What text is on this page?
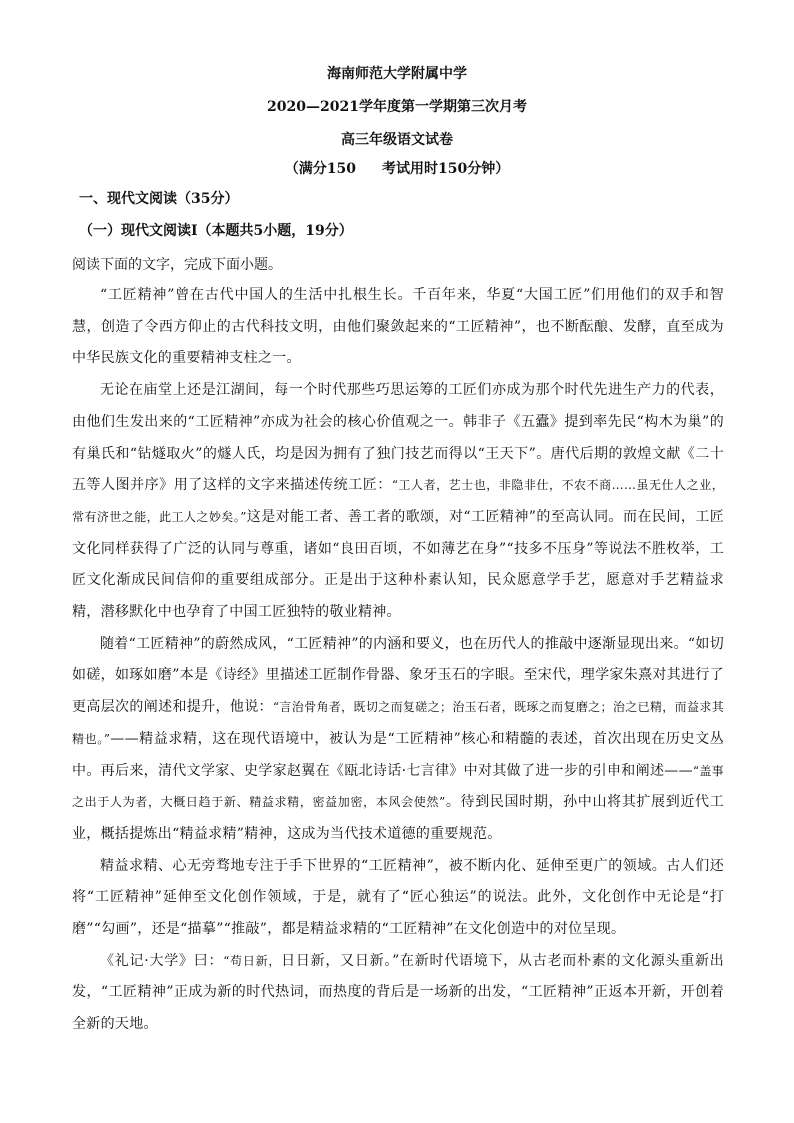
海南师范大学附属中学
2020—2021学年度第一学期第三次月考
高三年级语文试卷
（满分150 考试用时150分钟）
一、现代文阅读（35分）
（一）现代文阅读Ⅰ（本题共5小题，19分）
阅读下面的文字，完成下面小题。

“工匠精神”曾在古代中国人的生活中扎根生长。千百年来，华夏“大国工匠”们用他们的双手和智慧，创造了令西方仰止的古代科技文明，由他们聚敛起来的“工匠精神”，也不断酝酿、发酵，直至成为中华民族文化的重要精神支柱之一。

无论在庙堂上还是江湖间，每一个时代那些巧思运筹的工匠们亦成为那个时代先进生产力的代表，由他们生发出来的“工匠精神”亦成为社会的核心价值观之一。韩非子《五蠹》提到率先民“构木为巢”的有巢氏和“钻燧取火”的燧人氏，均是因为拥有了独门技艺而得以“王天下”。唐代后期的敦煌文献《二十五等人图并序》用了这样的文字来描述传统工匠：“工人者，艺士也，非隐非仕，不农不商……虽无仕人之业，常有济世之能，此工人之妙矣。”这是对能工者、善工者的歌颂，对“工匠精神”的至高认同。而在民间，工匠文化同样获得了广泛的认同与尊重，诸如“良田百顷，不如薄艺在身”“技多不压身”等说法不胜枚举，工匠文化渐成民间信仰的重要组成部分。正是出于这种朴素认知，民众愿意学手艺，愿意对手艺精益求精，潜移默化中也孕育了中国工匠独特的敬业精神。

随着“工匠精神”的蔚然成风，“工匠精神”的内涵和要义，也在历代人的推敲中逐渐显现出来。“如切如磋，如琢如磨”本是《诗经》里描述工匠制作骨器、象牙玉石的字眼。至宋代，理学家朱熹对其进行了更高层次的阐述和提升，他说：“言治骨角者，既切之而复磋之；治玉石者，既琢之而复磨之；治之已精，而益求其精也。”——精益求精，这在现代语境中，被认为是“工匠精神”核心和精髓的表述，首次出现在历史文丛中。再后来，清代文学家、史学家赵翼在《瓯北诗话·七言律》中对其做了进一步的引申和阐述——“盖事之出于人为者，大概日趋于新、精益求精，密益加密，本风会使然”。待到民国时期，孙中山将其扩展到近代工业，概括提炼出“精益求精”精神，这成为当代技术道德的重要规范。

精益求精、心无旁骛地专注于手下世界的“工匠精神”，被不断内化、延伸至更广的领域。古人们还将“工匠精神”延伸至文化创作领域，于是，就有了“匠心独运”的说法。此外，文化创作中无论是“打磨”“勾画”，还是“描摹”“推敲”，都是精益求精的“工匠精神”在文化创造中的对位呈现。

《礼记·大学》曰：“苟日新，日日新，又日新。”在新时代语境下，从古老而朴素的文化源头重新出发，“工匠精神”正成为新的时代热词，而热度的背后是一场新的出发，“工匠精神”正返本开新，开创着全新的天地。
